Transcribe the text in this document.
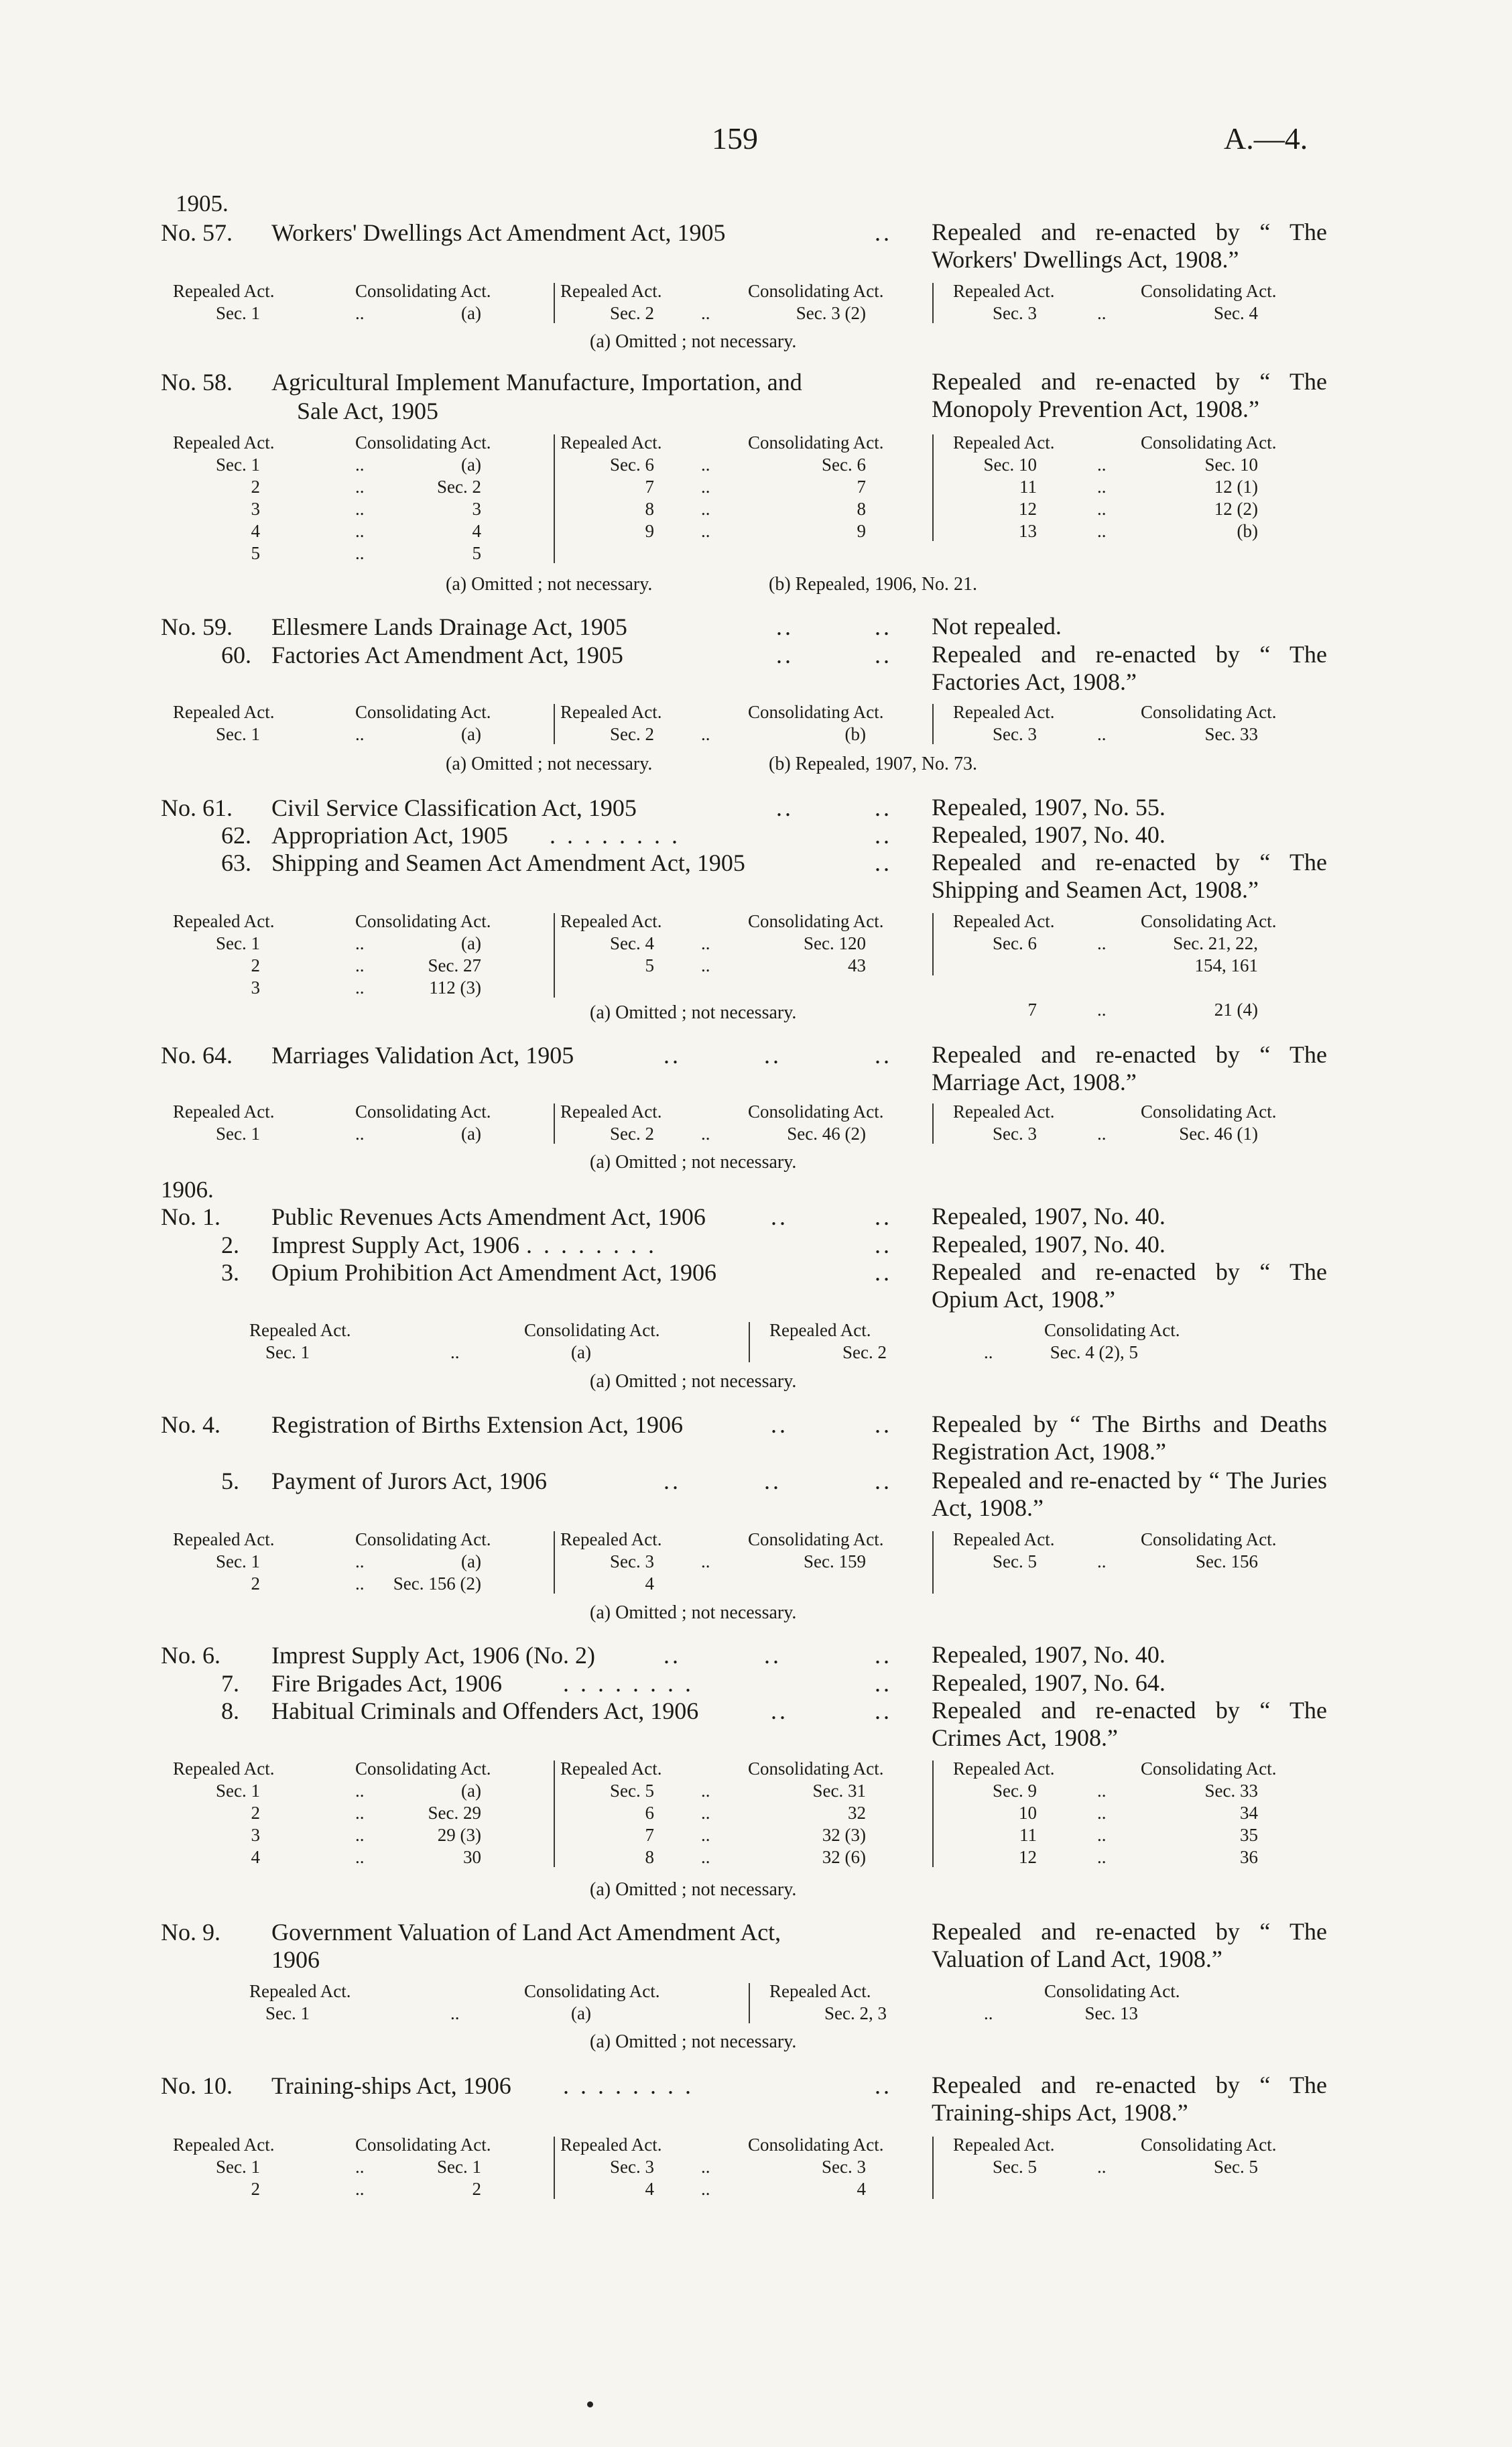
159	A.—4.
1905.
No. 57. Workers' Dwellings Act Amendment Act, 1905	.. Repealed and re-enacted by “ The Workers' Dwellings Act, 1908.”
Repealed Act.	Consolidating Act.
Sec. 1	..	(a)
Repealed Act.	Consolidating Act.
Sec. 2	..	Sec. 3 (2)
Repealed Act.	Consolidating Act.
Sec. 3	..	Sec. 4
(a) Omitted ; not necessary.
No. 58. Agricultural Implement Manufacture, Importation, and
Sale Act, 1905
Repealed and re-enacted by “ The Monopoly Prevention Act, 1908.”
Repealed Act.	Consolidating Act.
Sec. 1	..	(a)
2	..	Sec. 2
3	..	3
4	..	4
5	..	5
Repealed Act.	Consolidating Act.
Sec. 6	..	Sec. 6
7	..	7
8	..	8
9	..	9
Repealed Act.	Consolidating Act.
Sec. 10	..	Sec. 10
11	..	12 (1)
12	..	12 (2)
13	..	(b)
(a) Omitted ; not necessary.	(b) Repealed, 1906, No. 21.
No. 59. Ellesmere Lands Drainage Act, 1905	..	.. Not repealed.
60. Factories Act Amendment Act, 1905	..	.. Repealed and re-enacted by “ The Factories Act, 1908.”
Repealed Act.	Consolidating Act.
Sec. 1	..	(a)
Repealed Act.	Consolidating Act.
Sec. 2	..	(b)
Repealed Act.	Consolidating Act.
Sec. 3	..	Sec. 33
(a) Omitted ; not necessary.	(b) Repealed, 1907, No. 73.
No. 61. Civil Service Classification Act, 1905	..	.. Repealed, 1907, No. 55.
62. Appropriation Act, 1905 . . . . . . . .	.. Repealed, 1907, No. 40.
63. Shipping and Seamen Act Amendment Act, 1905	.. Repealed and re-enacted by “ The Shipping and Seamen Act, 1908.”
Repealed Act.	Consolidating Act.
Sec. 1	..	(a)
2	..	Sec. 27
3	..	112 (3)
Repealed Act.	Consolidating Act.
Sec. 4	..	Sec. 120
5	..	43
Repealed Act.	Consolidating Act.
Sec. 6	..	Sec. 21, 22,
154, 161
7	..	21 (4)
(a) Omitted ; not necessary.
No. 64. Marriages Validation Act, 1905	..	..	.. Repealed and re-enacted by “ The Marriage Act, 1908.”
Repealed Act.	Consolidating Act.
Sec. 1	..	(a)
Repealed Act.	Consolidating Act.
Sec. 2	..	Sec. 46 (2)
Repealed Act.	Consolidating Act.
Sec. 3	..	Sec. 46 (1)
(a) Omitted ; not necessary.
1906.
No. 1. Public Revenues Acts Amendment Act, 1906	..	.. Repealed, 1907, No. 40.
2. Imprest Supply Act, 1906 . . . . . . . .	.. Repealed, 1907, No. 40.
3. Opium Prohibition Act Amendment Act, 1906	.. Repealed and re-enacted by “ The Opium Act, 1908.”
Repealed Act.	Consolidating Act.
Sec. 1	..	(a)
Repealed Act.	Consolidating Act.
Sec. 2	..	Sec. 4 (2), 5
(a) Omitted ; not necessary.
No. 4. Registration of Births Extension Act, 1906	..	.. Repealed by “ The Births and Deaths Registration Act, 1908.”
5. Payment of Jurors Act, 1906	..	..	.. Repealed and re-enacted by “ The Juries Act, 1908.”
Repealed Act.	Consolidating Act.
Sec. 1	..	(a)
2	.. Sec. 156 (2)
Repealed Act.	Consolidating Act.
Sec. 3	..	Sec. 159
4
Repealed Act.	Consolidating Act.
Sec. 5	..	Sec. 156
(a) Omitted ; not necessary.
No. 6. Imprest Supply Act, 1906 (No. 2)	..	..	.. Repealed, 1907, No. 40.
7. Fire Brigades Act, 1906	. . . . . . . .	.. Repealed, 1907, No. 64.
8. Habitual Criminals and Offenders Act, 1906	..	.. Repealed and re-enacted by “ The Crimes Act, 1908.”
Repealed Act.	Consolidating Act.
Sec. 1	..	(a)
2	..	Sec. 29
3	..	29 (3)
4	..	30
Repealed Act.	Consolidating Act.
Sec. 5	..	Sec. 31
6	..	32
7	..	32 (3)
8	..	32 (6)
Repealed Act.	Consolidating Act.
Sec. 9	..	Sec. 33
10	..	34
11	..	35
12	..	36
(a) Omitted ; not necessary.
No. 9. Government Valuation of Land Act Amendment Act,
1906
Repealed and re-enacted by “ The Valuation of Land Act, 1908.”
Repealed Act.	Consolidating Act.
Sec. 1	..	(a)
Repealed Act.	Consolidating Act.
Sec. 2, 3	..	Sec. 13
(a) Omitted ; not necessary.
No. 10. Training-ships Act, 1906 . . . . . . . .	.. Repealed and re-enacted by “ The Training-ships Act, 1908.”
Repealed Act.	Consolidating Act.
Sec. 1	..	Sec. 1
2	..	2
Repealed Act.	Consolidating Act.
Sec. 3	..	Sec. 3
4	..	4
Repealed Act.	Consolidating Act.
Sec. 5	..	Sec. 5
